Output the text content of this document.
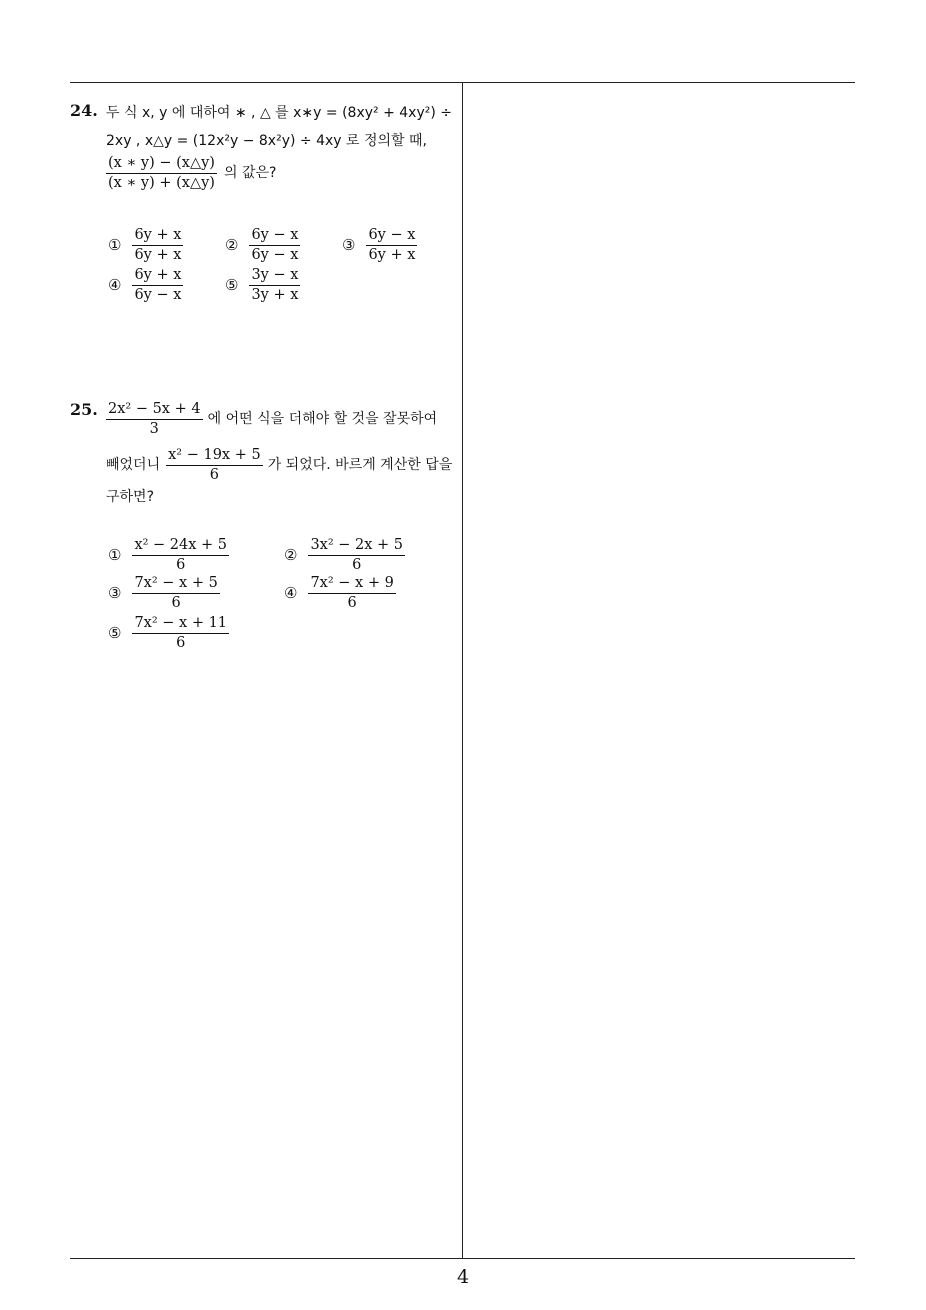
24. 두 식 x, y 에 대하여 ∗ , △ 를 x∗y = (8xy² + 4xy²) ÷
2xy , x△y = (12x²y − 8x²y) ÷ 4xy 로 정의할 때,
$\frac{(x ∗ y) - (x\triangle y)}{(x ∗ y) + (x\triangle y)}$ 의 값은?
① $\frac{6y + x}{6y + x}$	② $\frac{6y - x}{6y - x}$	③ $\frac{6y - x}{6y + x}$
④ $\frac{6y + x}{6y - x}$	⑤ $\frac{3y - x}{3y + x}$
25. $\frac{\text{2x² − 5x + 4}}{3}$ 에 어떤 식을 더해야 할 것을 잘못하여
빼었더니 $\frac{\text{x² − 19x + 5}}{6}$ 가 되었다. 바르게 계산한 답을
구하면?
① $\frac{\text{x² − 24x + 5}}{6}$	② $\frac{\text{3x² − 2x + 5}}{6}$
③ $\frac{\text{7x² − x + 5}}{6}$	④ $\frac{\text{7x² − x + 9}}{6}$
⑤ $\frac{\text{7x² − x + 11}}{6}$
4
